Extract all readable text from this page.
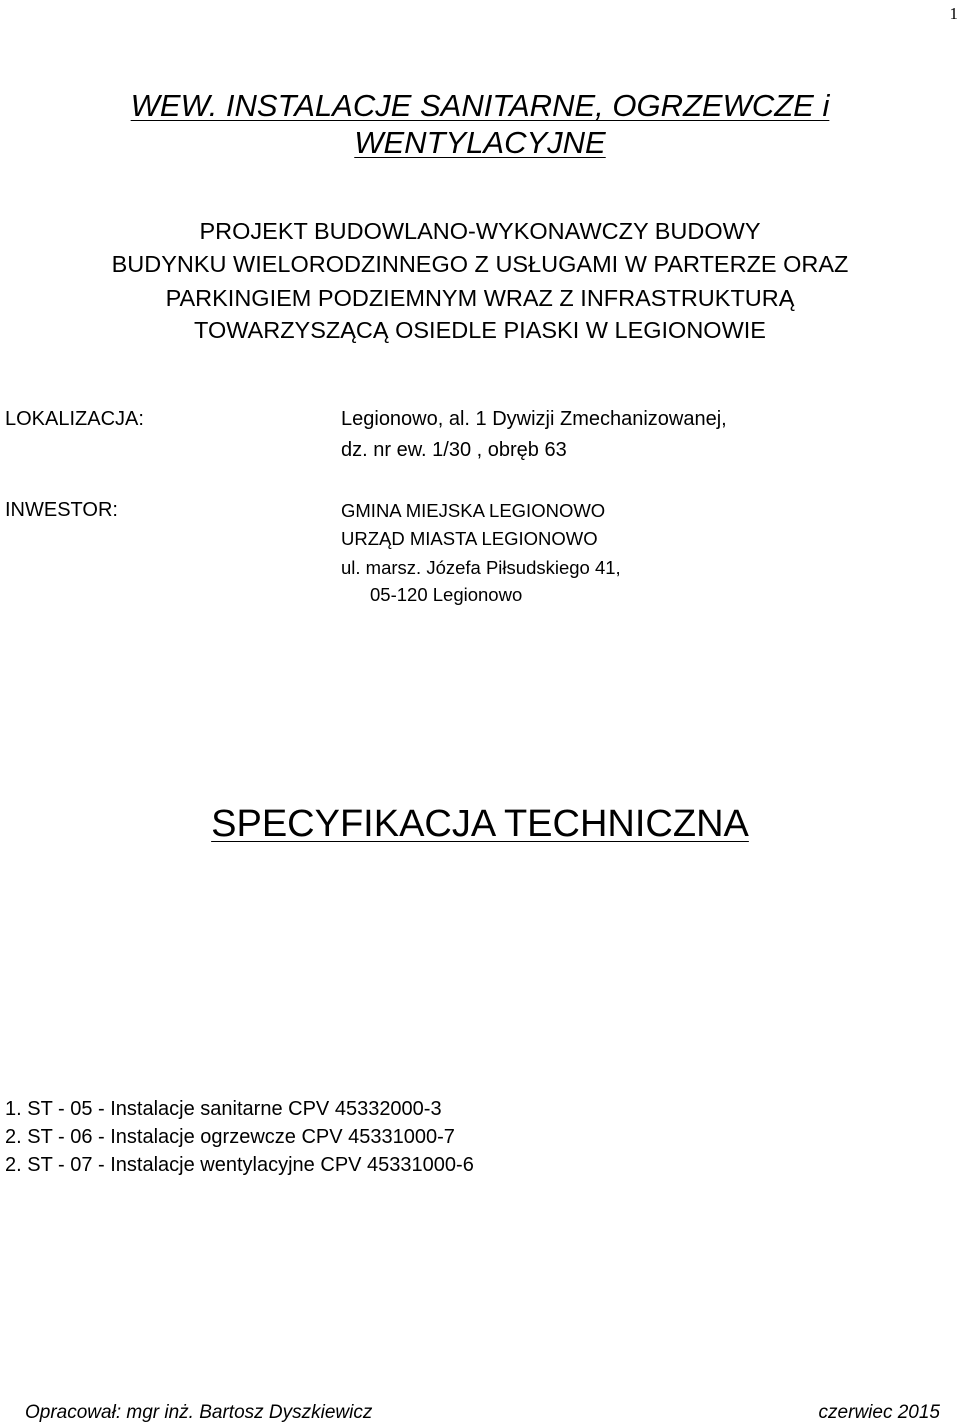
1
WEW. INSTALACJE SANITARNE, OGRZEWCZE i
WENTYLACYJNE
PROJEKT BUDOWLANO-WYKONAWCZY BUDOWY
BUDYNKU WIELORODZINNEGO Z USŁUGAMI W PARTERZE ORAZ
PARKINGIEM PODZIEMNYM WRAZ Z INFRASTRUKTURĄ
TOWARZYSZĄCĄ OSIEDLE PIASKI W LEGIONOWIE
LOKALIZACJA:	Legionowo, al. 1 Dywizji Zmechanizowanej,
dz. nr ew. 1/30 , obręb 63
INWESTOR:	GMINA MIEJSKA LEGIONOWO
URZĄD MIASTA LEGIONOWO
ul. marsz. Józefa Piłsudskiego 41,
05-120 Legionowo
SPECYFIKACJA TECHNICZNA
1. ST - 05 - Instalacje sanitarne CPV 45332000-3
2. ST - 06 - Instalacje ogrzewcze CPV 45331000-7
2. ST - 07 - Instalacje wentylacyjne CPV 45331000-6
Opracował: mgr inż. Bartosz Dyszkiewicz	czerwiec 2015
